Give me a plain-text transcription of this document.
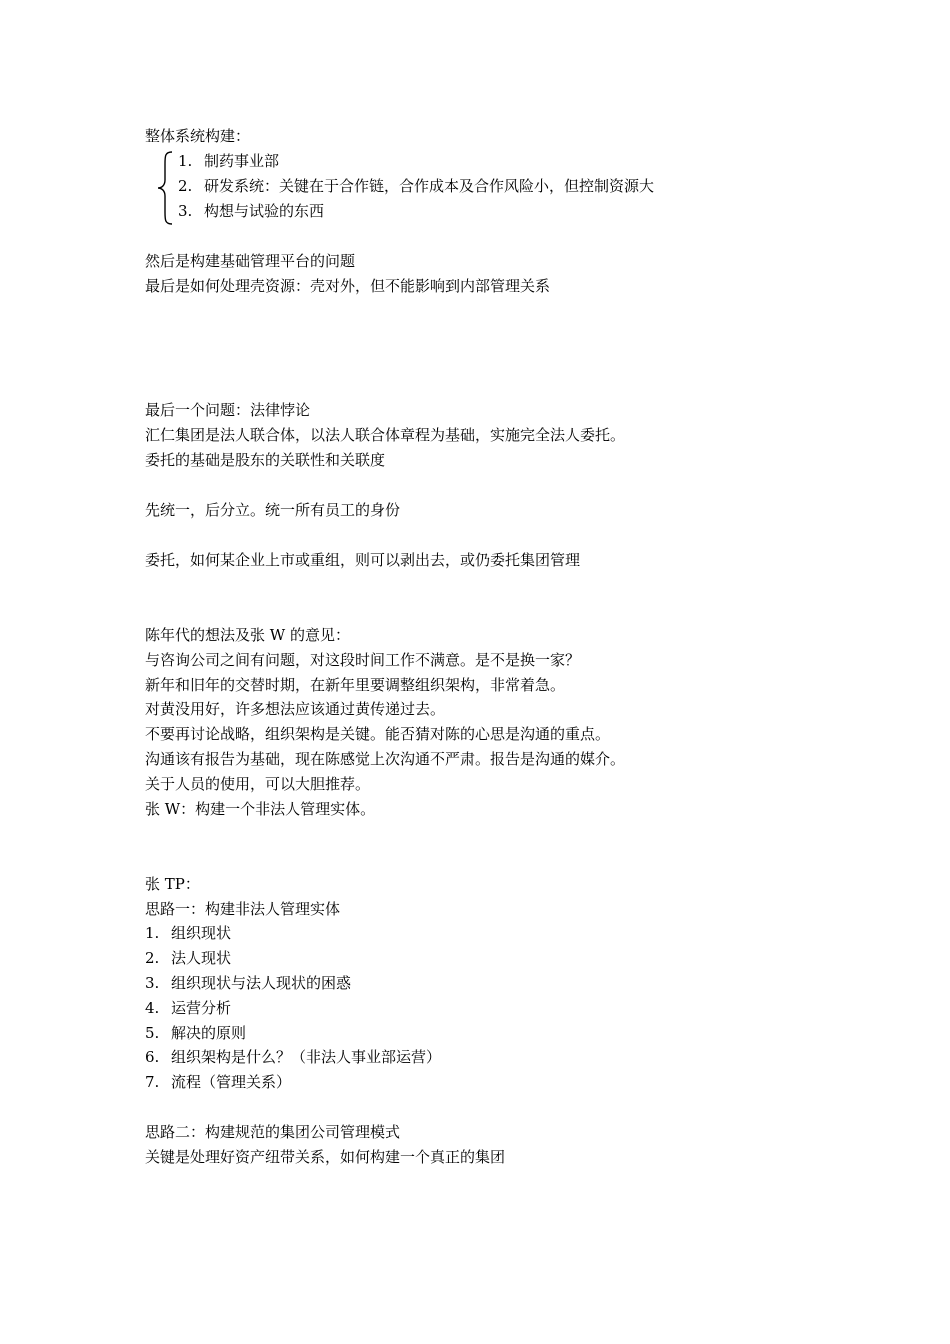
整体系统构建：
1. 制药事业部
2. 研发系统：关键在于合作链，合作成本及合作风险小，但控制资源大
3. 构想与试验的东西
然后是构建基础管理平台的问题
最后是如何处理壳资源：壳对外，但不能影响到内部管理关系
最后一个问题：法律悖论
汇仁集团是法人联合体，以法人联合体章程为基础，实施完全法人委托。
委托的基础是股东的关联性和关联度
先统一，后分立。统一所有员工的身份
委托，如何某企业上市或重组，则可以剥出去，或仍委托集团管理
陈年代的想法及张 W 的意见：
与咨询公司之间有问题，对这段时间工作不满意。是不是换一家？
新年和旧年的交替时期，在新年里要调整组织架构，非常着急。
对黄没用好，许多想法应该通过黄传递过去。
不要再讨论战略，组织架构是关键。能否猜对陈的心思是沟通的重点。
沟通该有报告为基础，现在陈感觉上次沟通不严肃。报告是沟通的媒介。
关于人员的使用，可以大胆推荐。
张 W：构建一个非法人管理实体。
张 TP：
思路一：构建非法人管理实体
1. 组织现状
2. 法人现状
3. 组织现状与法人现状的困惑
4. 运营分析
5. 解决的原则
6. 组织架构是什么？（非法人事业部运营）
7. 流程（管理关系）
思路二：构建规范的集团公司管理模式
关键是处理好资产纽带关系，如何构建一个真正的集团
